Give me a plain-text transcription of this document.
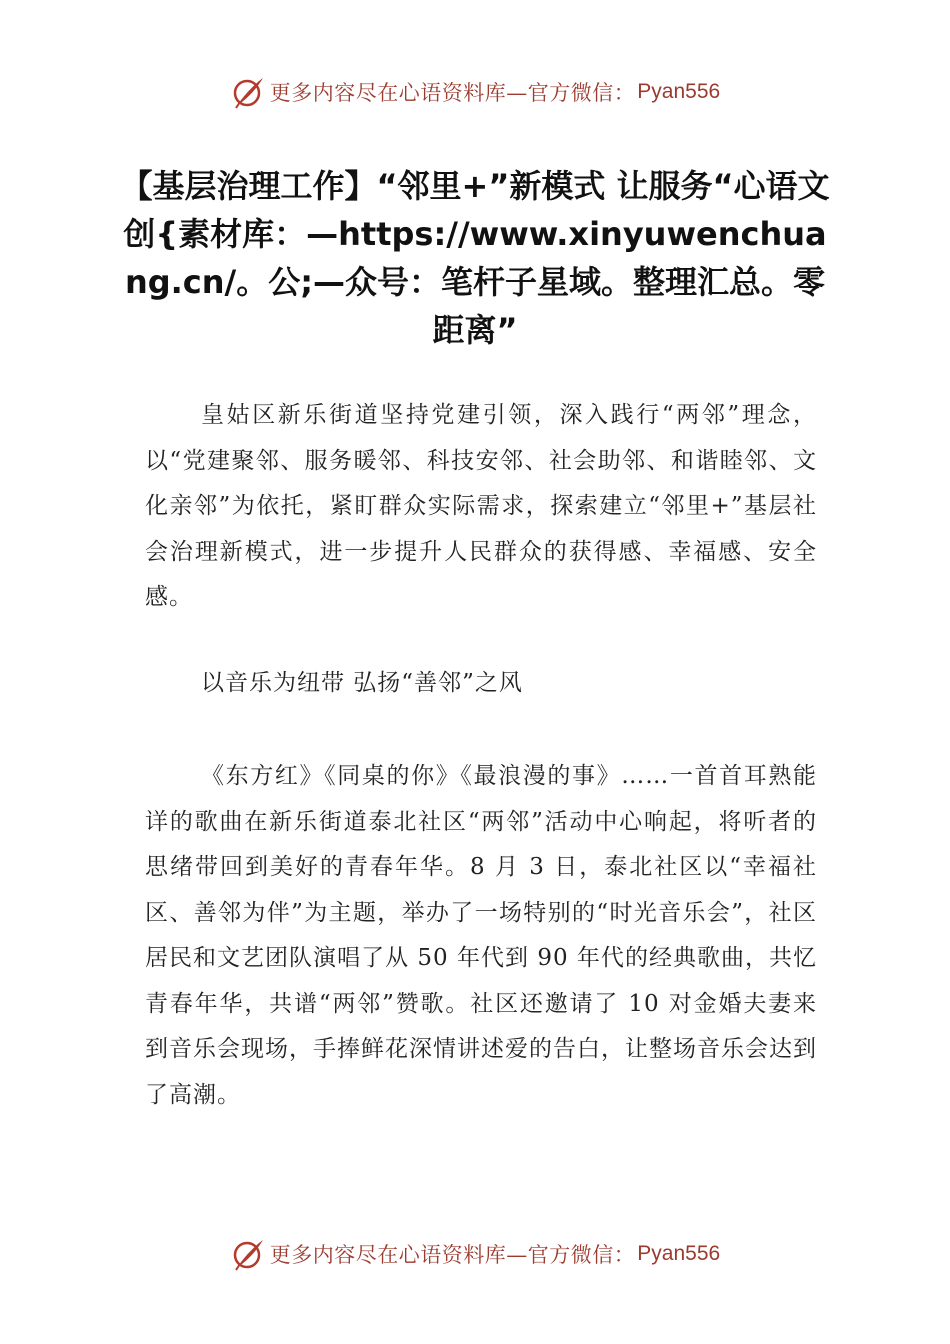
更多内容尽在心语资料库—官方微信： Pyan556
【基层治理工作】“邻里+”新模式 让服务“心语文创{素材库：—https://www.xinyuwenchuang.cn/。公;—众号：笔杆子星域。整理汇总。零距离”

皇姑区新乐街道坚持党建引领，深入践行“两邻”理念，以“党建聚邻、服务暖邻、科技安邻、社会助邻、和谐睦邻、文化亲邻”为依托，紧盯群众实际需求，探索建立“邻里+”基层社会治理新模式，进一步提升人民群众的获得感、幸福感、安全感。

以音乐为纽带 弘扬“善邻”之风

《东方红》《同桌的你》《最浪漫的事》……一首首耳熟能详的歌曲在新乐街道泰北社区“两邻”活动中心响起，将听者的思绪带回到美好的青春年华。8 月 3 日，泰北社区以“幸福社区、善邻为伴”为主题，举办了一场特别的“时光音乐会”，社区居民和文艺团队演唱了从 50 年代到 90 年代的经典歌曲，共忆青春年华，共谱“两邻”赞歌。社区还邀请了 10 对金婚夫妻来到音乐会现场，手捧鲜花深情讲述爱的告白，让整场音乐会达到了高潮。

更多内容尽在心语资料库—官方微信： Pyan556
